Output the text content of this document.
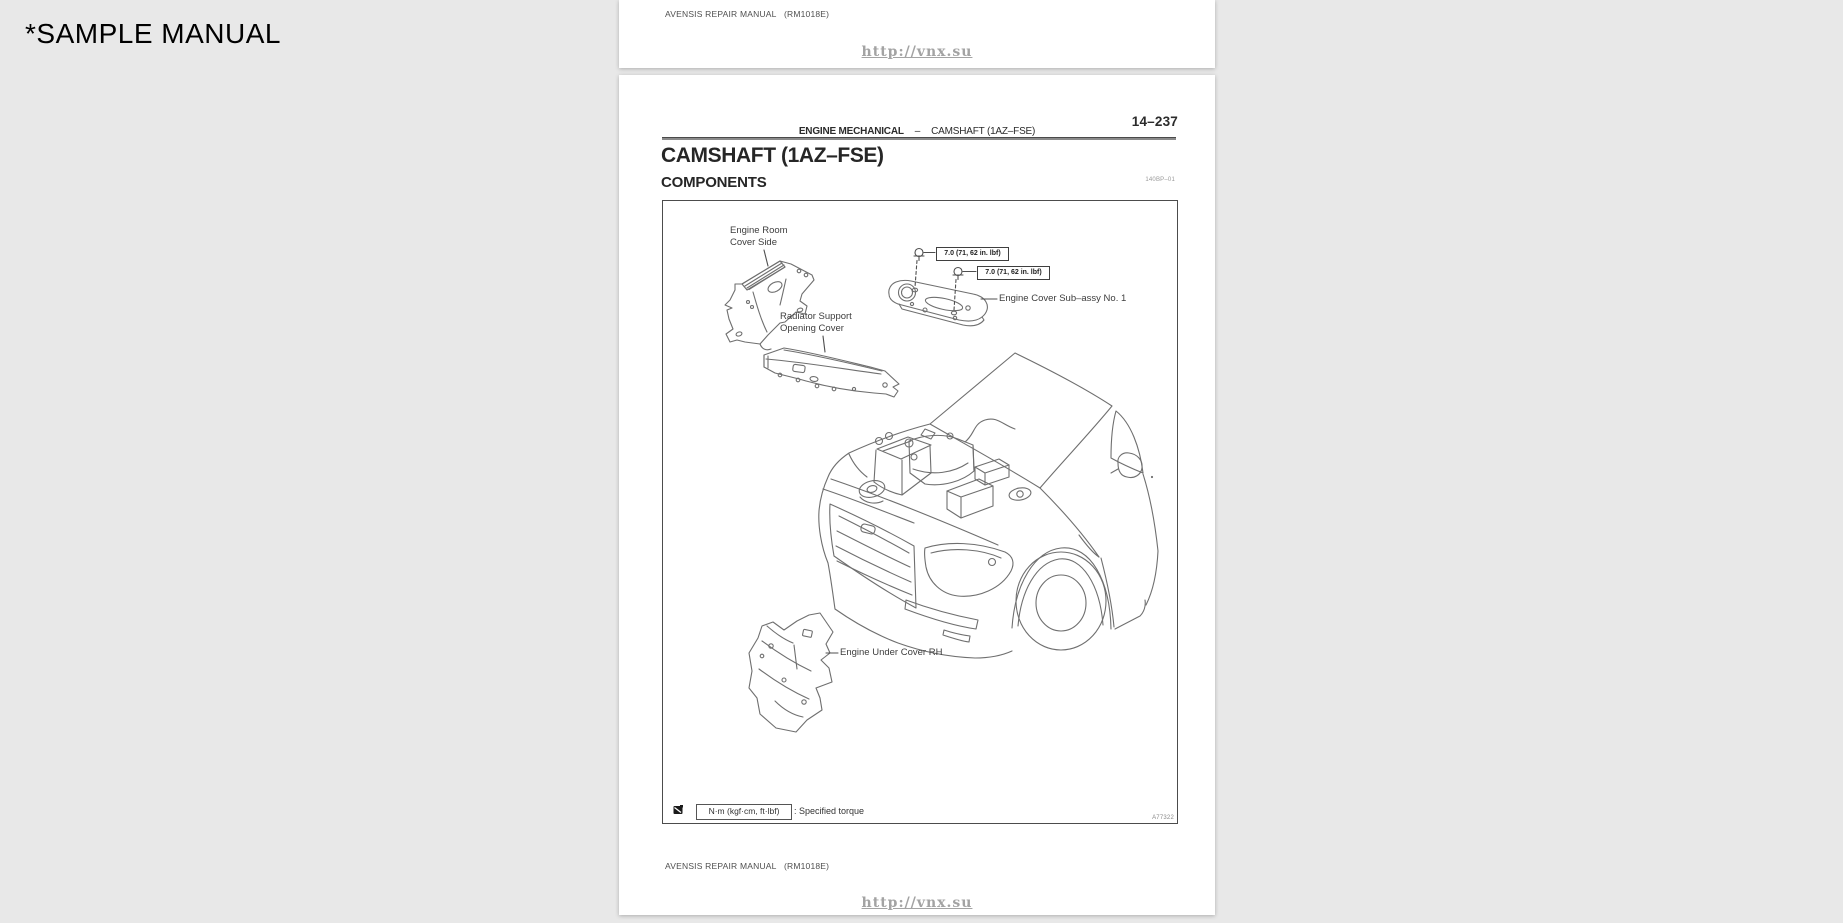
*SAMPLE MANUAL
AVENSIS REPAIR MANUAL   (RM1018E)
http://vnx.su
14–237
ENGINE MECHANICAL – CAMSHAFT (1AZ–FSE)
CAMSHAFT (1AZ–FSE)
COMPONENTS	140BP–01
Engine Room
Cover Side
7.0 (71, 62 in. lbf)
7.0 (71, 62 in. lbf)
Engine Cover Sub–assy No. 1
Radiator Support
Opening Cover
Engine Under Cover RH
N·m (kgf·cm, ft·lbf)	: Specified torque
A77322
AVENSIS REPAIR MANUAL   (RM1018E)
http://vnx.su
